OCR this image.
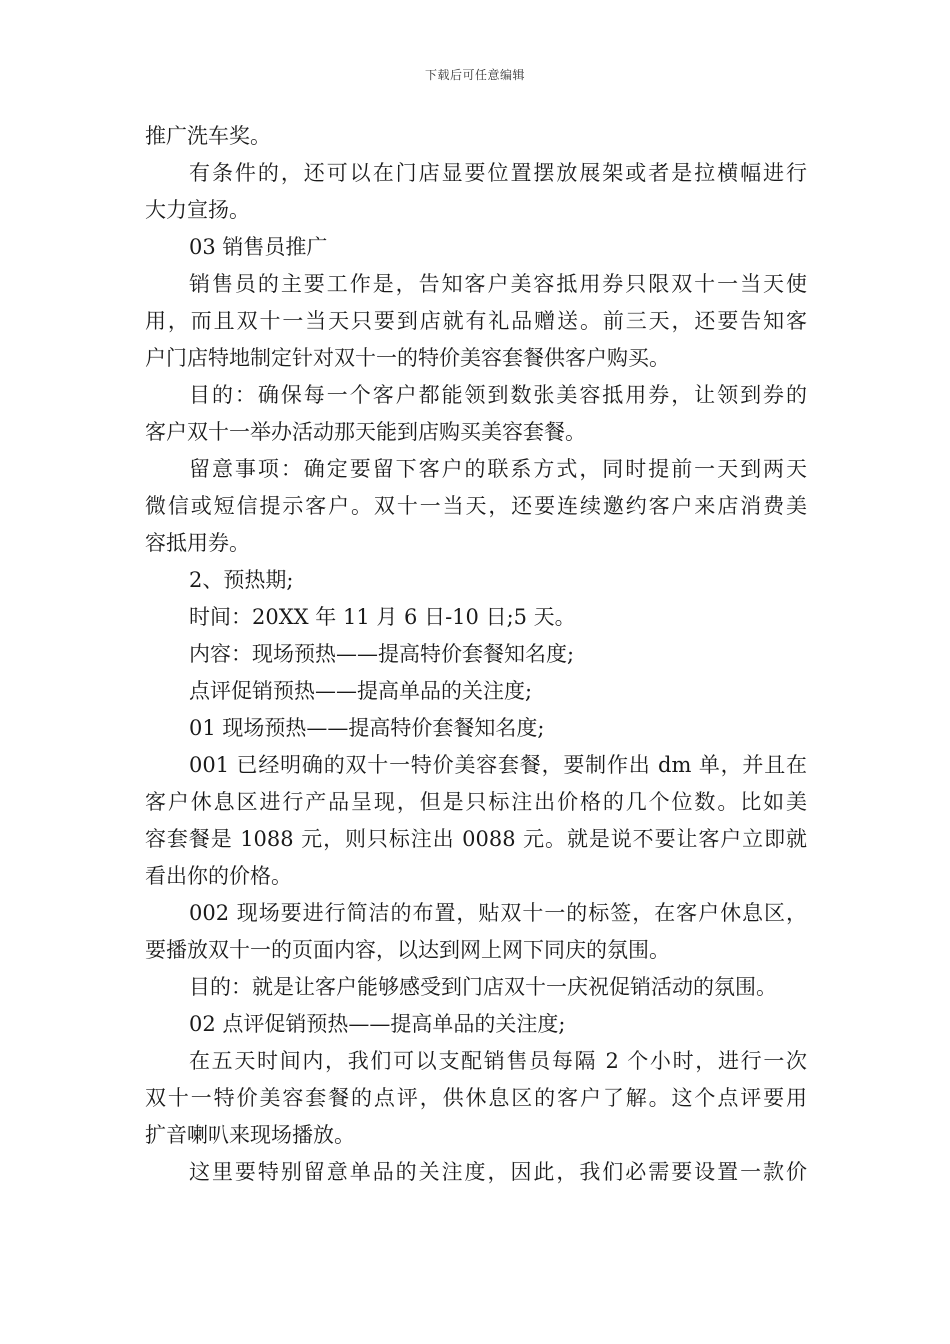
下载后可任意编辑
推广洗车奖。
有条件的，还可以在门店显要位置摆放展架或者是拉横幅进行
大力宣扬。
03 销售员推广
销售员的主要工作是，告知客户美容抵用券只限双十一当天使
用，而且双十一当天只要到店就有礼品赠送。前三天，还要告知客
户门店特地制定针对双十一的特价美容套餐供客户购买。
目的：确保每一个客户都能领到数张美容抵用券，让领到券的
客户双十一举办活动那天能到店购买美容套餐。
留意事项：确定要留下客户的联系方式，同时提前一天到两天
微信或短信提示客户。双十一当天，还要连续邀约客户来店消费美
容抵用券。
2、预热期;
时间：20XX 年 11 月 6 日-10 日;5 天。
内容：现场预热——提高特价套餐知名度;
点评促销预热——提高单品的关注度;
01 现场预热——提高特价套餐知名度;
001 已经明确的双十一特价美容套餐，要制作出 dm 单，并且在
客户休息区进行产品呈现，但是只标注出价格的几个位数。比如美
容套餐是 1088 元，则只标注出 0088 元。就是说不要让客户立即就
看出你的价格。
002 现场要进行简洁的布置，贴双十一的标签，在客户休息区，
要播放双十一的页面内容，以达到网上网下同庆的氛围。
目的：就是让客户能够感受到门店双十一庆祝促销活动的氛围。
02 点评促销预热——提高单品的关注度;
在五天时间内，我们可以支配销售员每隔 2 个小时，进行一次
双十一特价美容套餐的点评，供休息区的客户了解。这个点评要用
扩音喇叭来现场播放。
这里要特别留意单品的关注度，因此，我们必需要设置一款价
